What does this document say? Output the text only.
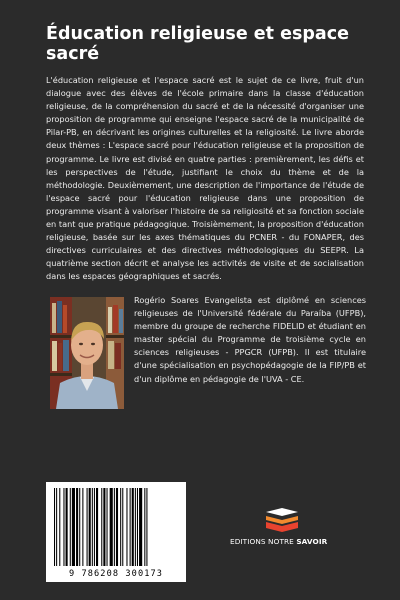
Éducation religieuse et espace sacré

L'éducation religieuse et l'espace sacré est le sujet de ce livre, fruit d'un dialogue avec des élèves de l'école primaire dans la classe d'éducation religieuse, de la compréhension du sacré et de la nécessité d'organiser une proposition de programme qui enseigne l'espace sacré de la municipalité de Pilar-PB, en décrivant les origines culturelles et la religiosité. Le livre aborde deux thèmes : L'espace sacré pour l'éducation religieuse et la proposition de programme. Le livre est divisé en quatre parties : premièrement, les défis et les perspectives de l'étude, justifiant le choix du thème et de la méthodologie. Deuxièmement, une description de l'importance de l'étude de l'espace sacré pour l'éducation religieuse dans une proposition de programme visant à valoriser l'histoire de sa religiosité et sa fonction sociale en tant que pratique pédagogique. Troisièmement, la proposition d'éducation religieuse, basée sur les axes thématiques du PCNER - du FONAPER, des directives curriculaires et des directives méthodologiques du SEEPR. La quatrième section décrit et analyse les activités de visite et de socialisation dans les espaces géographiques et sacrés.

Rogério Soares Evangelista est diplômé en sciences religieuses de l'Université fédérale du Paraíba (UFPB), membre du groupe de recherche FIDELID et étudiant en master spécial du Programme de troisième cycle en sciences religieuses - PPGCR (UFPB). Il est titulaire d'une spécialisation en psychopédagogie de la FIP/PB et d'un diplôme en pédagogie de l'UVA - CE.

9 786208 300173
EDITIONS NOTRE SAVOIR
